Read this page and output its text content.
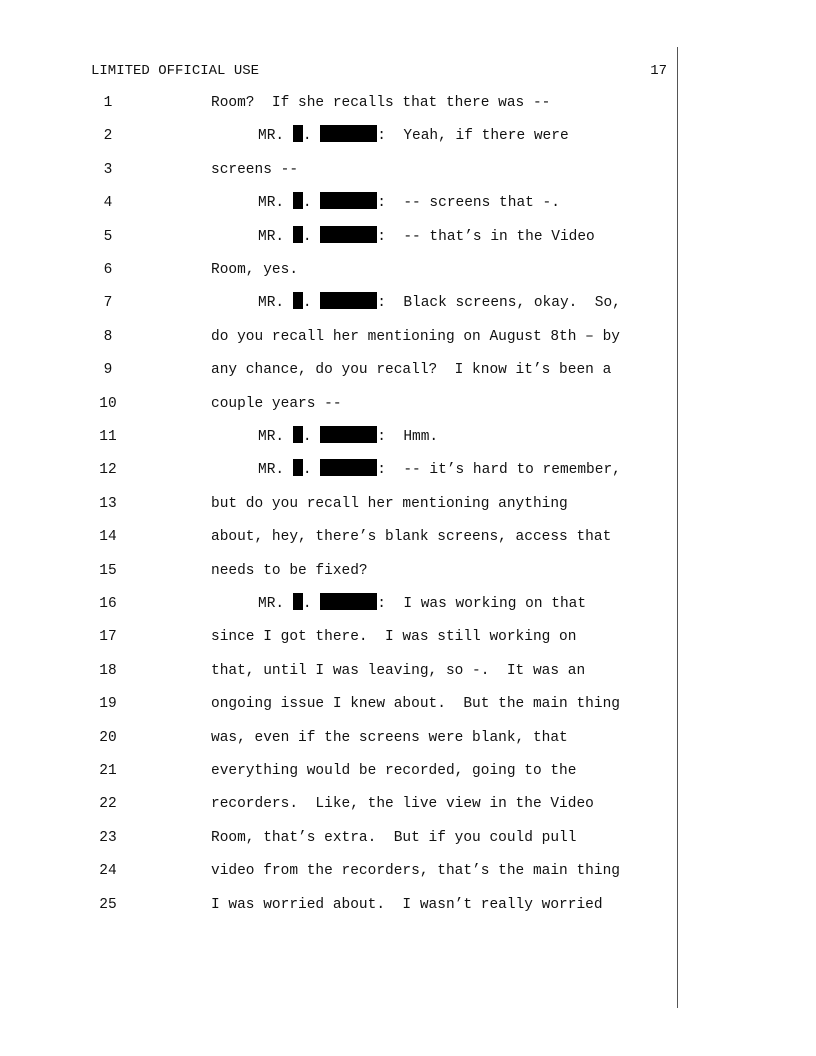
LIMITED OFFICIAL USE	17
1	Room?  If she recalls that there was --
2	MR. .	:  Yeah, if there were
3	screens --
4	MR. .	:  -- screens that -.
5	MR. .	:  -- that’s in the Video
6	Room, yes.
7	MR. .	:  Black screens, okay.  So,
8	do you recall her mentioning on August 8th – by
9	any chance, do you recall?  I know it’s been a
10	couple years --
11	MR. .	:  Hmm.
12	MR. .	:  -- it’s hard to remember,
13	but do you recall her mentioning anything
14	about, hey, there’s blank screens, access that
15	needs to be fixed?
16	MR. .	:  I was working on that
17	since I got there.  I was still working on
18	that, until I was leaving, so -.  It was an
19	ongoing issue I knew about.  But the main thing
20	was, even if the screens were blank, that
21	everything would be recorded, going to the
22	recorders.  Like, the live view in the Video
23	Room, that’s extra.  But if you could pull
24	video from the recorders, that’s the main thing
25	I was worried about.  I wasn’t really worried
